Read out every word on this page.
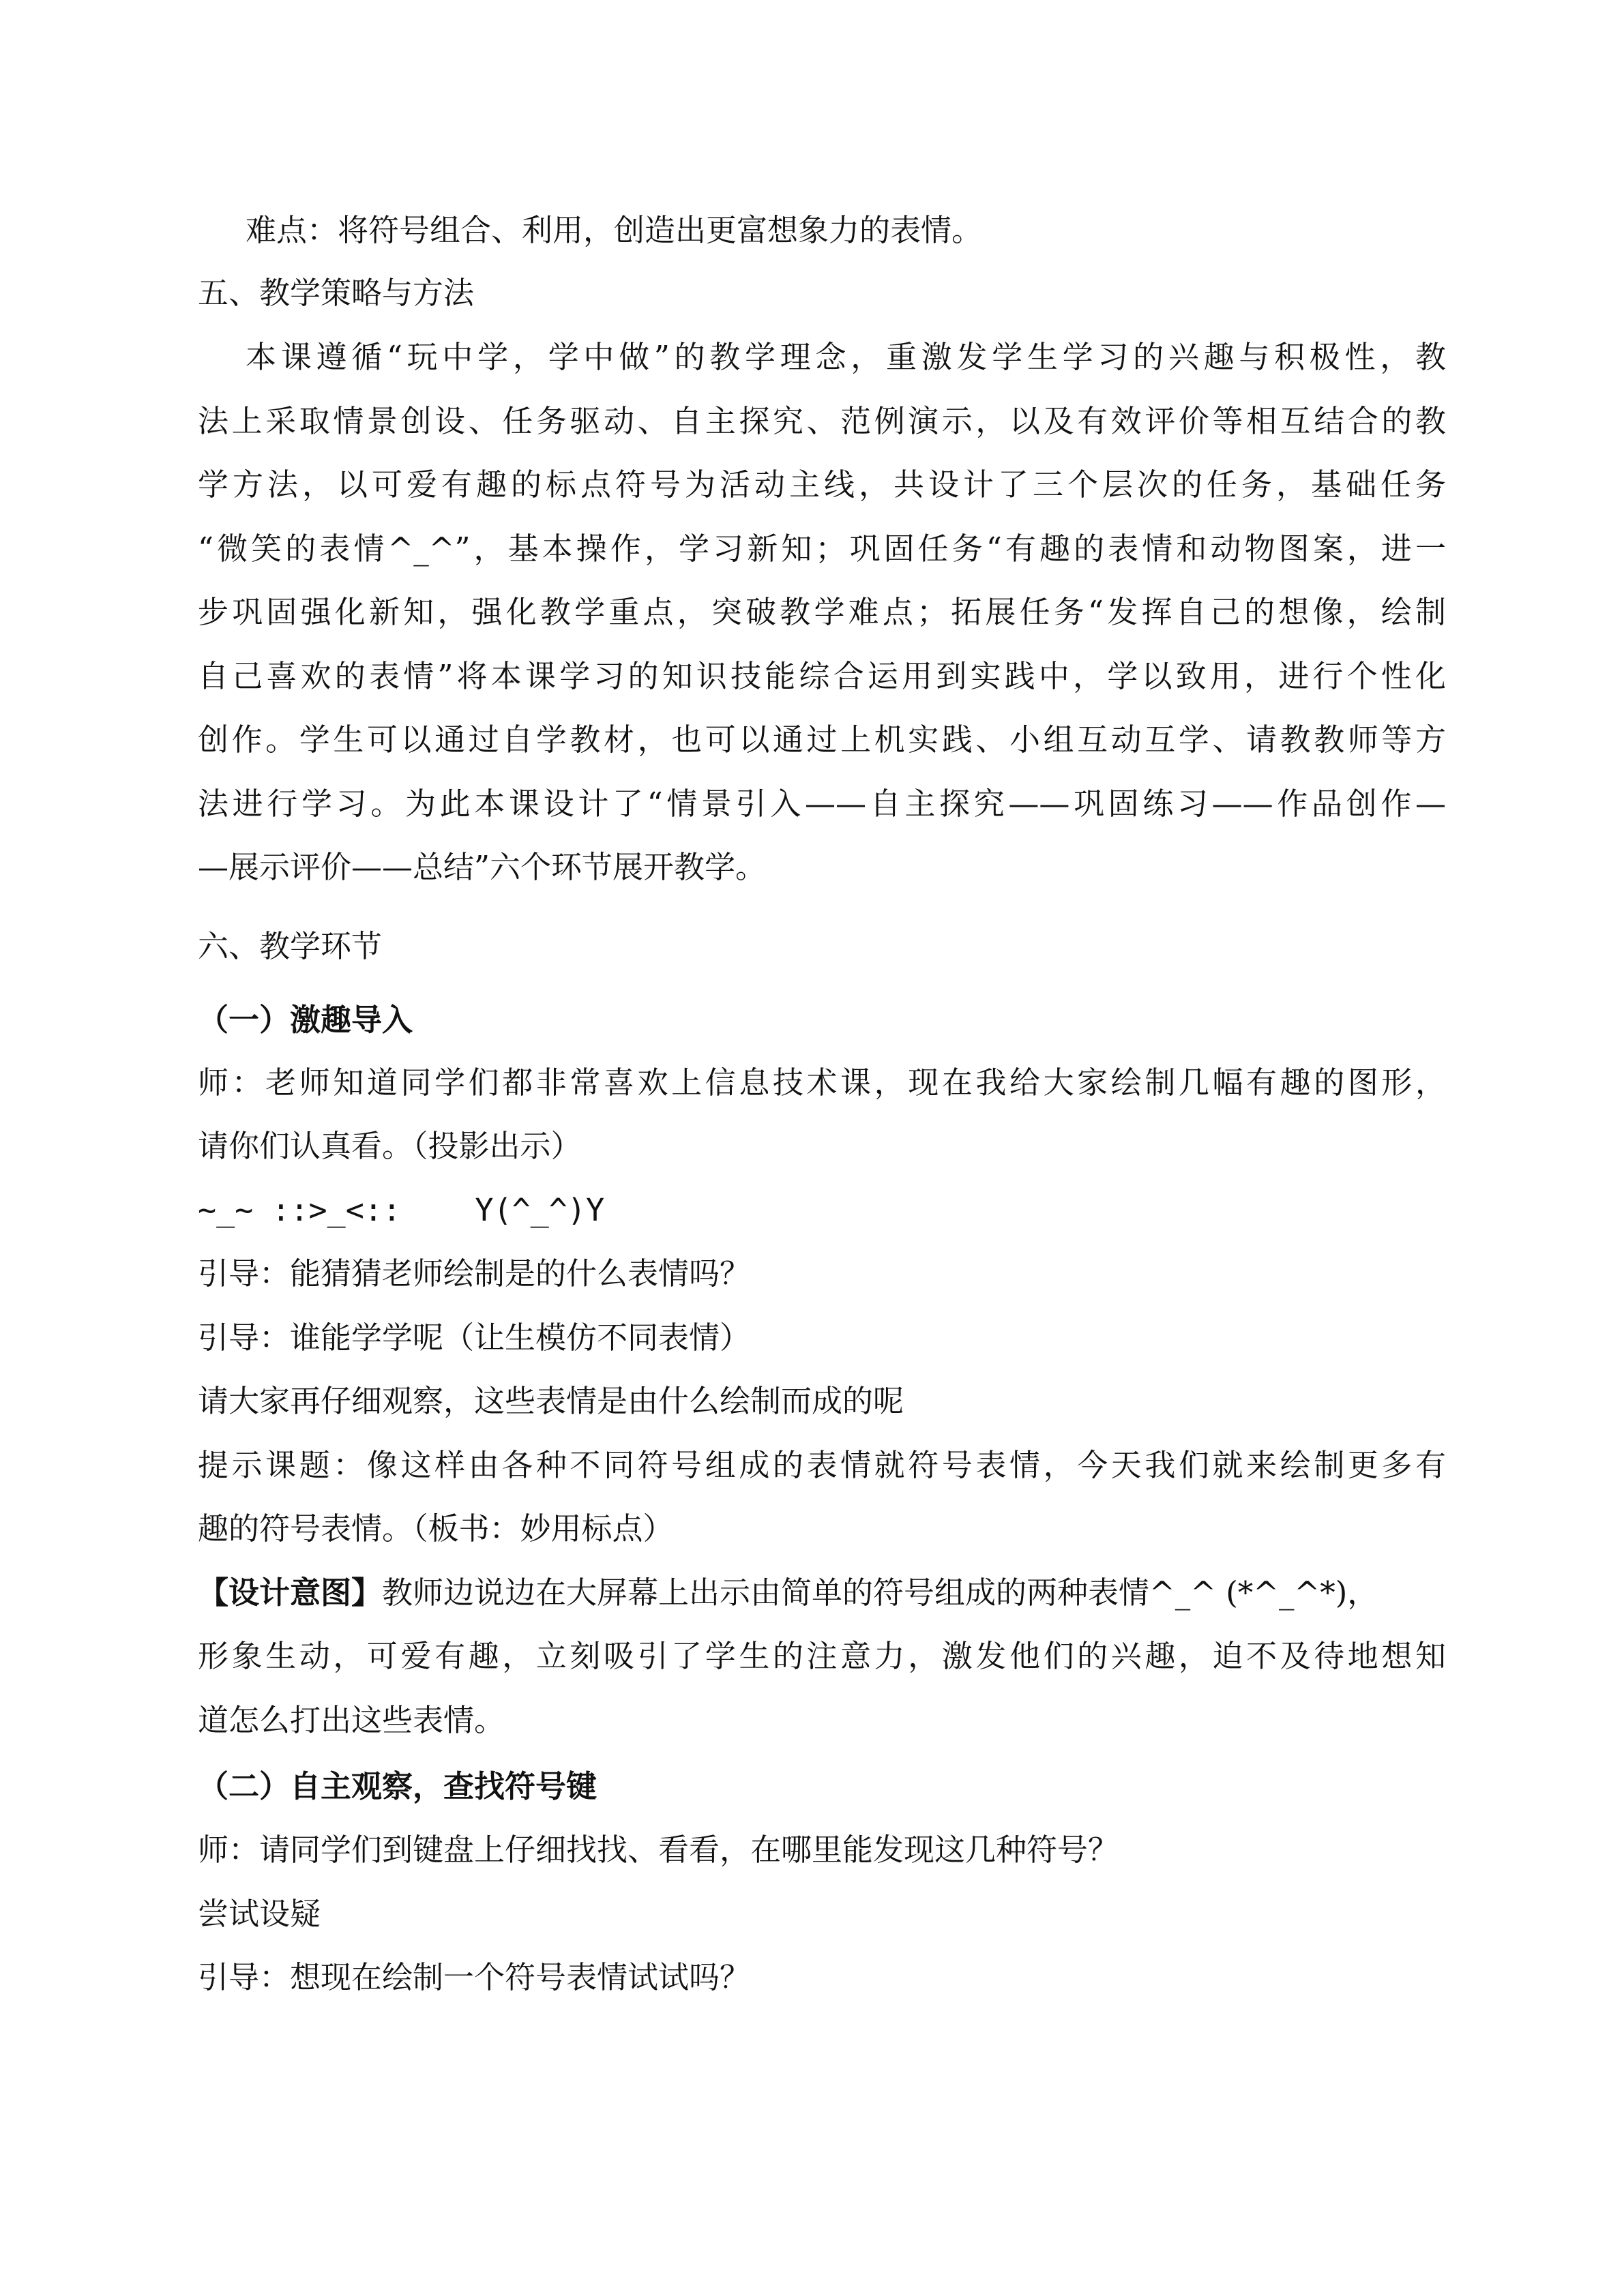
难点：将符号组合、利用，创造出更富想象力的表情。
五、教学策略与方法
本课遵循“玩中学，学中做”的教学理念，重激发学生学习的兴趣与积极性，教
法上采取情景创设、任务驱动、自主探究、范例演示，以及有效评价等相互结合的教
学方法，以可爱有趣的标点符号为活动主线，共设计了三个层次的任务，基础任务
“微笑的表情^_^”，基本操作，学习新知；巩固任务“有趣的表情和动物图案，进一
步巩固强化新知，强化教学重点，突破教学难点；拓展任务“发挥自己的想像，绘制
自己喜欢的表情”将本课学习的知识技能综合运用到实践中，学以致用，进行个性化
创作。学生可以通过自学教材，也可以通过上机实践、小组互动互学、请教教师等方
法进行学习。为此本课设计了“情景引入——自主探究——巩固练习——作品创作—
—展示评价——总结”六个环节展开教学。
六、教学环节
（一）激趣导入
师：老师知道同学们都非常喜欢上信息技术课，现在我给大家绘制几幅有趣的图形，
请你们认真看。（投影出示）
~_~ ::>_<::    Y(^_^)Y
引导：能猜猜老师绘制是的什么表情吗？
引导：谁能学学呢（让生模仿不同表情）
请大家再仔细观察，这些表情是由什么绘制而成的呢
提示课题：像这样由各种不同符号组成的表情就符号表情，今天我们就来绘制更多有
趣的符号表情。（板书：妙用标点）
【设计意图】教师边说边在大屏幕上出示由简单的符号组成的两种表情^_^ (*^_^*)，
形象生动，可爱有趣，立刻吸引了学生的注意力，激发他们的兴趣，迫不及待地想知
道怎么打出这些表情。
（二）自主观察，查找符号键
师：请同学们到键盘上仔细找找、看看，在哪里能发现这几种符号？
尝试设疑
引导：想现在绘制一个符号表情试试吗？
